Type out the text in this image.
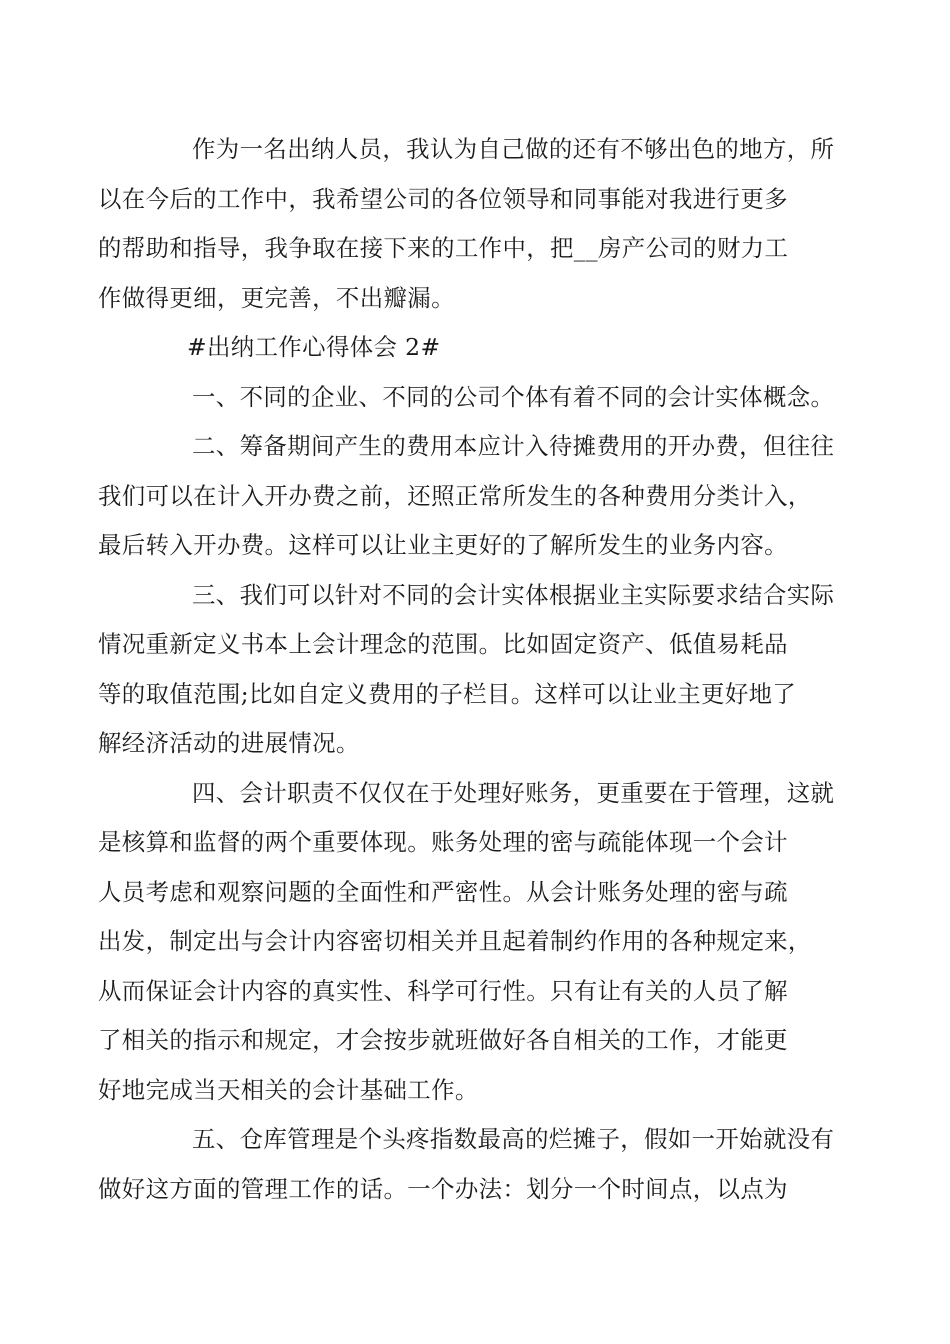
作为一名出纳人员，我认为自己做的还有不够出色的地方，所
以在今后的工作中，我希望公司的各位领导和同事能对我进行更多
的帮助和指导，我争取在接下来的工作中，把__房产公司的财力工
作做得更细，更完善，不出瓣漏。

#出纳工作心得体会 2#

一、不同的企业、不同的公司个体有着不同的会计实体概念。

二、筹备期间产生的费用本应计入待摊费用的开办费，但往往
我们可以在计入开办费之前，还照正常所发生的各种费用分类计入，
最后转入开办费。这样可以让业主更好的了解所发生的业务内容。

三、我们可以针对不同的会计实体根据业主实际要求结合实际
情况重新定义书本上会计理念的范围。比如固定资产、低值易耗品
等的取值范围;比如自定义费用的子栏目。这样可以让业主更好地了
解经济活动的进展情况。

四、会计职责不仅仅在于处理好账务，更重要在于管理，这就
是核算和监督的两个重要体现。账务处理的密与疏能体现一个会计
人员考虑和观察问题的全面性和严密性。从会计账务处理的密与疏
出发，制定出与会计内容密切相关并且起着制约作用的各种规定来，
从而保证会计内容的真实性、科学可行性。只有让有关的人员了解
了相关的指示和规定，才会按步就班做好各自相关的工作，才能更
好地完成当天相关的会计基础工作。

五、仓库管理是个头疼指数最高的烂摊子，假如一开始就没有
做好这方面的管理工作的话。一个办法：划分一个时间点，以点为
